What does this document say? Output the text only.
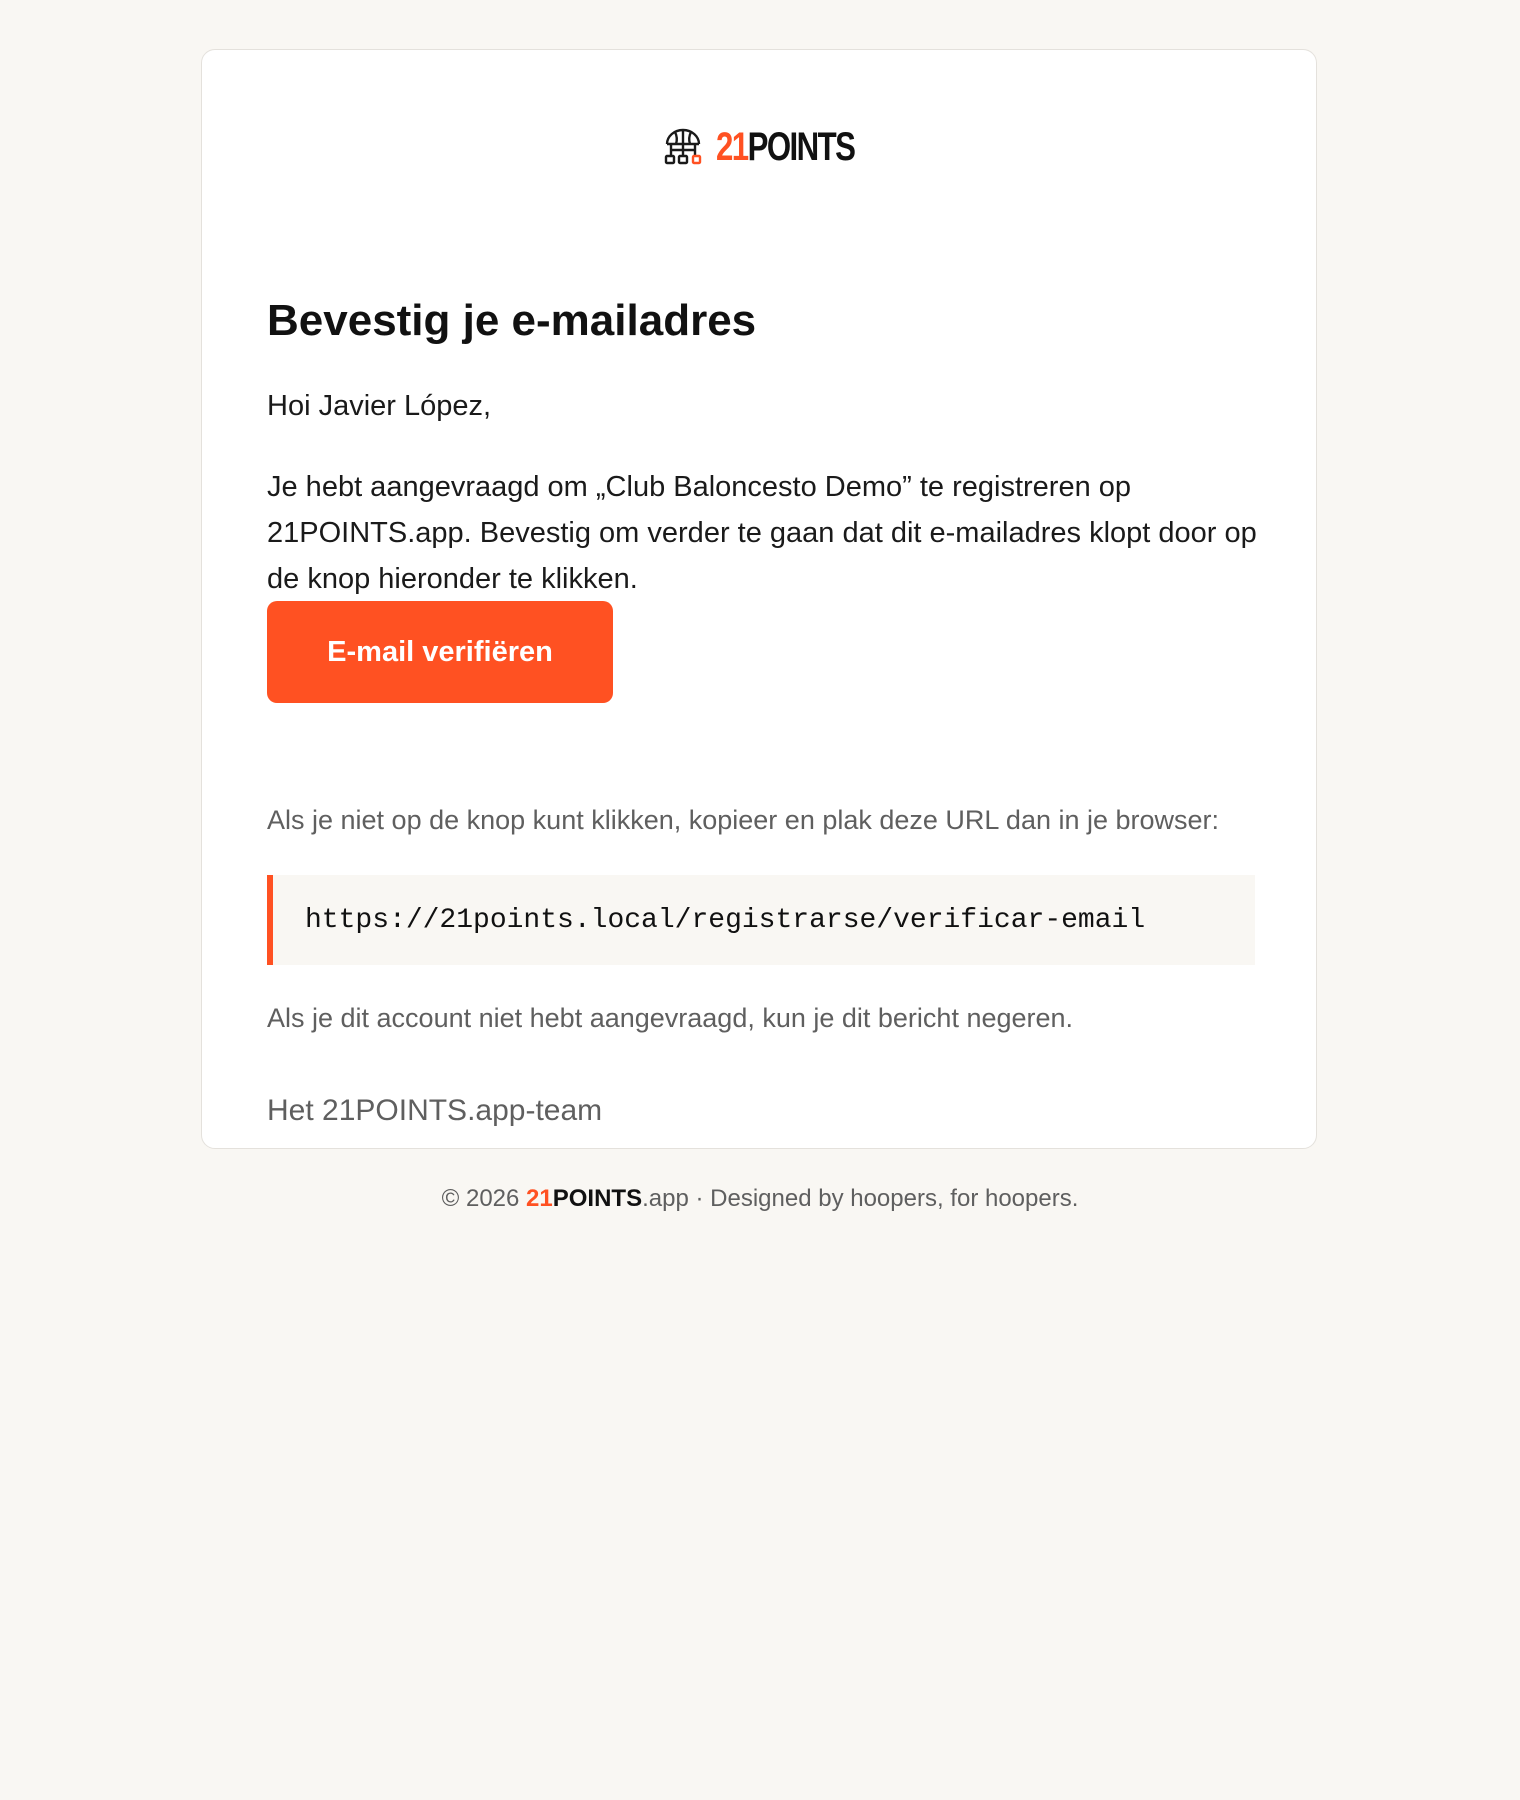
21POINTS
Bevestig je e-mailadres

Hoi Javier López,

Je hebt aangevraagd om „Club Baloncesto Demo” te registreren op 21POINTS.app. Bevestig om verder te gaan dat dit e-mailadres klopt door op de knop hieronder te klikken.

E-mail verifiëren

Als je niet op de knop kunt klikken, kopieer en plak deze URL dan in je browser:

https://21points.local/registrarse/verificar-email

Als je dit account niet hebt aangevraagd, kun je dit bericht negeren.

Het 21POINTS.app-team

© 2026 21POINTS.app · Designed by hoopers, for hoopers.
